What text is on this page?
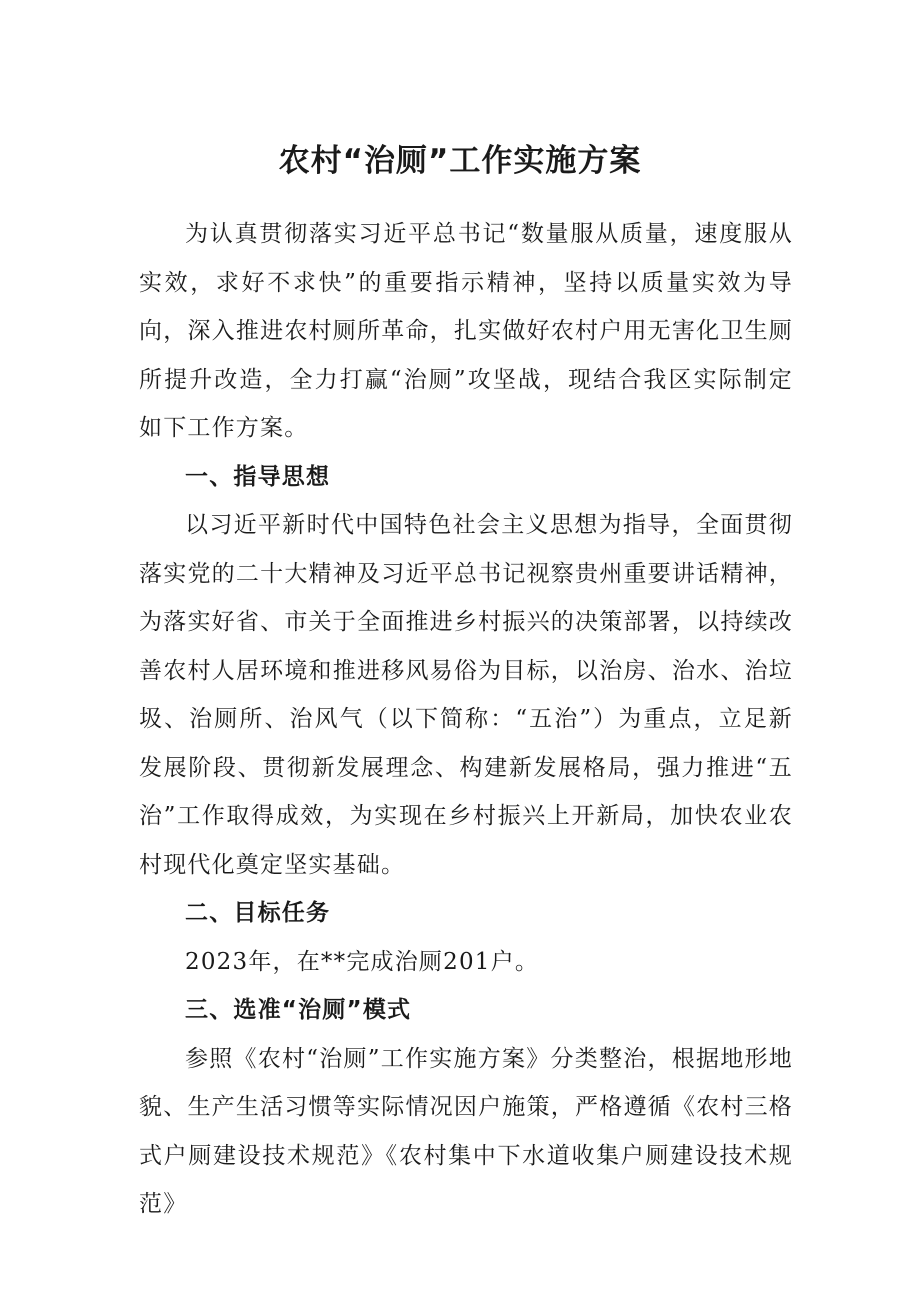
农村“治厕”工作实施方案

为认真贯彻落实习近平总书记“数量服从质量，速度服从实效，求好不求快”的重要指示精神，坚持以质量实效为导向，深入推进农村厕所革命，扎实做好农村户用无害化卫生厕所提升改造，全力打赢“治厕”攻坚战，现结合我区实际制定如下工作方案。

一、指导思想

以习近平新时代中国特色社会主义思想为指导，全面贯彻落实党的二十大精神及习近平总书记视察贵州重要讲话精神，为落实好省、市关于全面推进乡村振兴的决策部署，以持续改善农村人居环境和推进移风易俗为目标，以治房、治水、治垃圾、治厕所、治风气（以下简称：“五治”）为重点，立足新发展阶段、贯彻新发展理念、构建新发展格局，强力推进“五治”工作取得成效，为实现在乡村振兴上开新局，加快农业农村现代化奠定坚实基础。

二、目标任务

2023年，在**完成治厕201户。

三、选准“治厕”模式

参照《农村“治厕”工作实施方案》分类整治，根据地形地貌、生产生活习惯等实际情况因户施策，严格遵循《农村三格式户厕建设技术规范》《农村集中下水道收集户厕建设技术规范》
